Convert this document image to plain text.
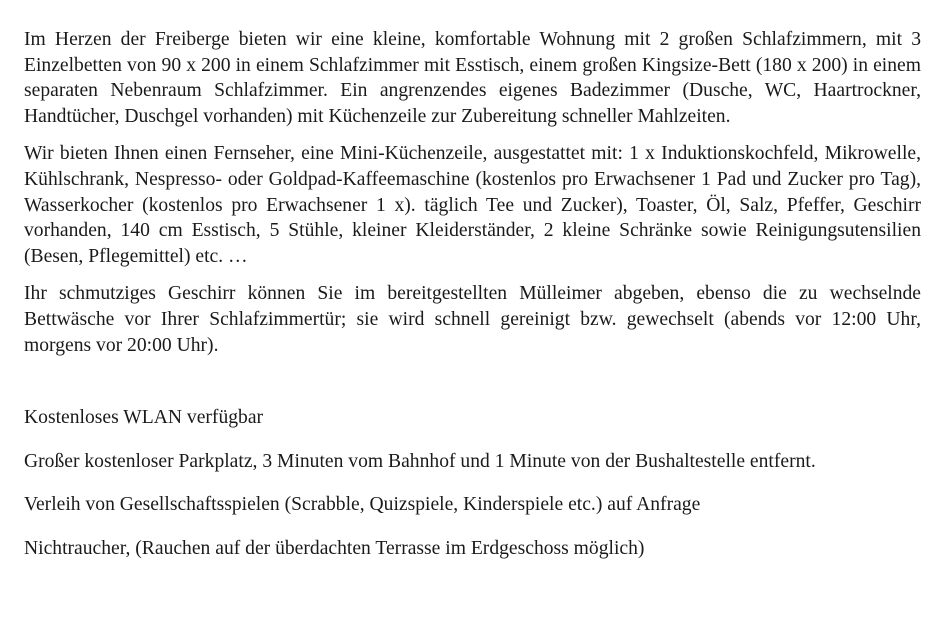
Im Herzen der Freiberge bieten wir eine kleine, komfortable Wohnung mit 2 großen Schlafzimmern, mit 3 Einzelbetten von 90 x 200 in einem Schlafzimmer mit Esstisch, einem großen Kingsize-Bett (180 x 200) in einem separaten Nebenraum Schlafzimmer. Ein angrenzendes eigenes Badezimmer (Dusche, WC, Haartrockner, Handtücher, Duschgel vorhanden) mit Küchenzeile zur Zubereitung schneller Mahlzeiten.

Wir bieten Ihnen einen Fernseher, eine Mini-Küchenzeile, ausgestattet mit: 1 x Induktionskochfeld, Mikrowelle, Kühlschrank, Nespresso- oder Goldpad-Kaffeemaschine (kostenlos pro Erwachsener 1 Pad und Zucker pro Tag), Wasserkocher (kostenlos pro Erwachsener 1 x). täglich Tee und Zucker), Toaster, Öl, Salz, Pfeffer, Geschirr vorhanden, 140 cm Esstisch, 5 Stühle, kleiner Kleiderständer, 2 kleine Schränke sowie Reinigungsutensilien (Besen, Pflegemittel) etc. …

Ihr schmutziges Geschirr können Sie im bereitgestellten Mülleimer abgeben, ebenso die zu wechselnde Bettwäsche vor Ihrer Schlafzimmertür; sie wird schnell gereinigt bzw. gewechselt (abends vor 12:00 Uhr, morgens vor 20:00 Uhr).

Kostenloses WLAN verfügbar

Großer kostenloser Parkplatz, 3 Minuten vom Bahnhof und 1 Minute von der Bushaltestelle entfernt.

Verleih von Gesellschaftsspielen (Scrabble, Quizspiele, Kinderspiele etc.) auf Anfrage

Nichtraucher, (Rauchen auf der überdachten Terrasse im Erdgeschoss möglich)
